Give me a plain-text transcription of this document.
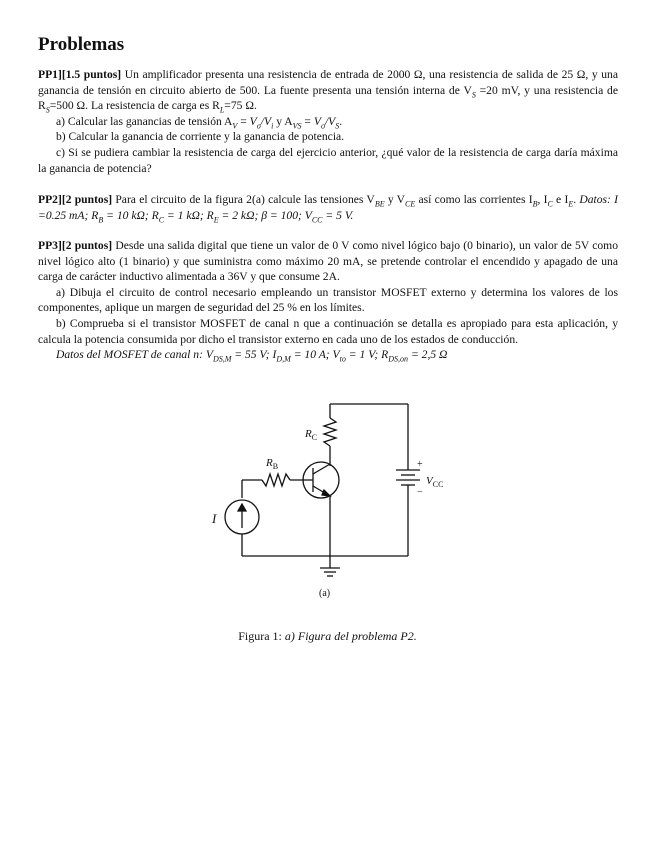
Problemas

PP1][1.5 puntos] Un amplificador presenta una resistencia de entrada de 2000 Ω, una resistencia de salida de 25 Ω, y una ganancia de tensión en circuito abierto de 500. La fuente presenta una tensión interna de $V_S =20$ mV, y una resistencia de $R_S=500$ Ω. La resistencia de carga es $R_L=75$ Ω.

a) Calcular las ganancias de tensión $A_V = V_o/V_i$ y $A_{VS} = V_o/V_S$.

b) Calcular la ganancia de corriente y la ganancia de potencia.

c) Si se pudiera cambiar la resistencia de carga del ejercicio anterior, ¿qué valor de la resistencia de carga daría máxima la ganancia de potencia?

PP2][2 puntos] Para el circuito de la figura 2(a) calcule las tensiones $V_{BE}$ y $V_{CE}$ así como las corrientes $I_B$, $I_C$ e $I_E$. Datos: I =0.25 mA; $R_B = 10$ kΩ; $R_C = 1$ kΩ; $R_E = 2$ kΩ; β = 100; $V_{CC} = 5$ V.

PP3][2 puntos] Desde una salida digital que tiene un valor de 0 V como nivel lógico bajo (0 binario), un valor de 5V como nivel lógico alto (1 binario) y que suministra como máximo 20 mA, se pretende controlar el encendido y apagado de una carga de carácter inductivo alimentada a 36V y que consume 2A.

a) Dibuja el circuito de control necesario empleando un transistor MOSFET externo y determina los valores de los componentes, aplique un margen de seguridad del 25 % en los límites.

b) Comprueba si el transistor MOSFET de canal n que a continuación se detalla es apropiado para esta aplicación, y calcula la potencia consumida por dicho el transistor externo en cada uno de los estados de conducción.

Datos del MOSFET de canal n: $V_{DS,M} = 55$ V; $I_{D,M} = 10$ A; $V_{to} = 1$ V; $R_{DS,on} = 2,5$ Ω

$R_C$
$R_B$
$V_{CC}$
+
−
I
(a)
Figura 1: a) Figura del problema P2.
